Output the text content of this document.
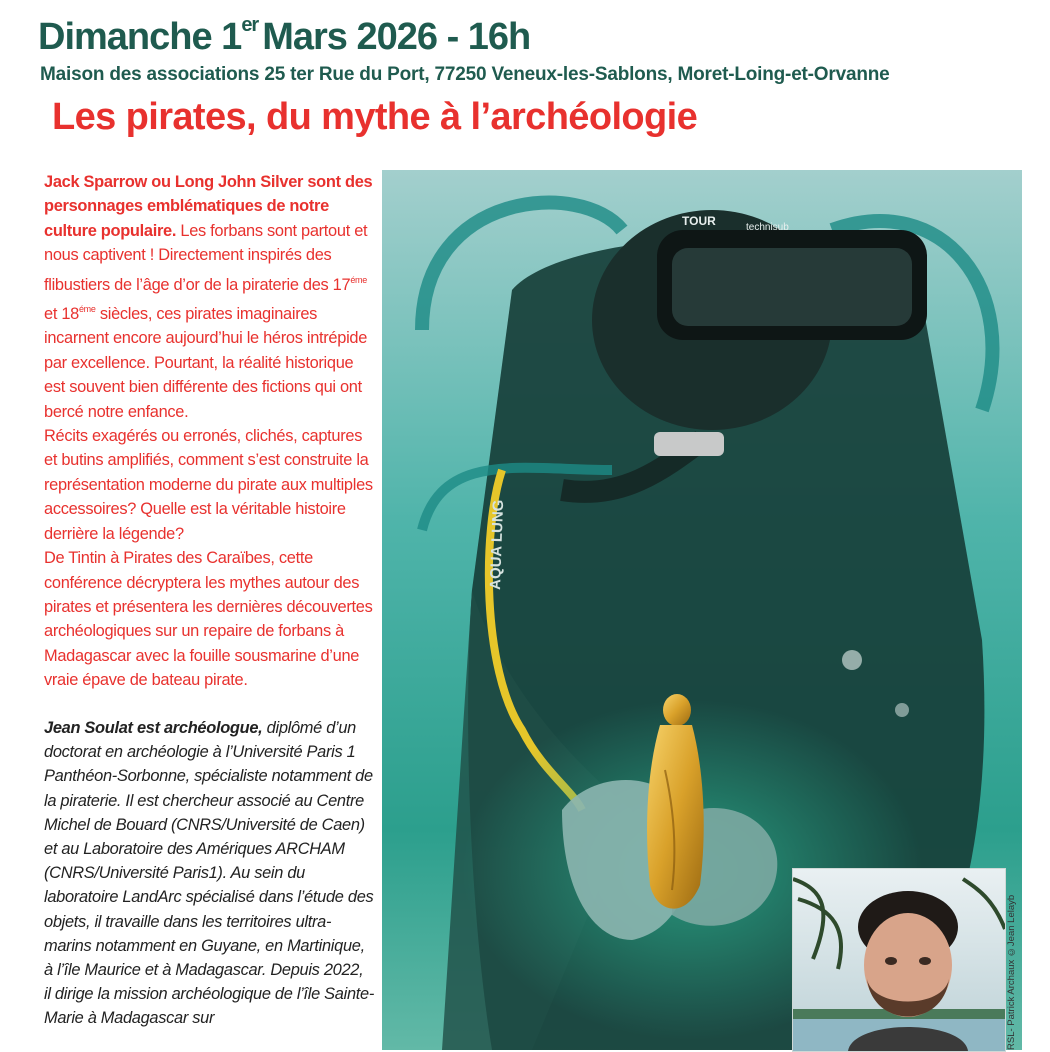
Dimanche 1er Mars 2026 - 16h
Maison des associations 25 ter Rue du Port, 77250 Veneux-les-Sablons, Moret-Loing-et-Orvanne
Les pirates, du mythe à l’archéologie

Jack Sparrow ou Long John Silver sont des personnages emblématiques de notre culture populaire. Les forbans sont partout et nous captivent ! Directement inspirés des flibustiers de l’âge d’or de la piraterie des $17^{éme}$ et $18^{éme}$ siècles, ces pirates imaginaires incarnent encore aujourd’hui le héros intrépide par excellence. Pourtant, la réalité historique est souvent bien différente des fictions qui ont bercé notre enfance.

Récits exagérés ou erronés, clichés, captures et butins amplifiés, comment s’est construite la représentation moderne du pirate aux multiples accessoires? Quelle est la véritable histoire derrière la légende?

De Tintin à Pirates des Caraïbes, cette conférence décryptera les mythes autour des pirates et présentera les dernières découvertes archéologiques sur un repaire de forbans à Madagascar avec la fouille sousmarine d’une vraie épave de bateau pirate.

Jean Soulat est archéologue, diplômé d’un doctorat en archéologie à l’Université Paris 1 Panthéon-Sorbonne, spécialiste notamment de la piraterie. Il est chercheur associé au Centre Michel de Bouard (CNRS/Université de Caen) et au Laboratoire des Amériques ARCHAM (CNRS/Université Paris1). Au sein du laboratoire LandArc spécialisé dans l’étude des objets, il travaille dans les territoires ultra-marins notamment en Guyane, en Martinique, à l’île Maurice et à Madagascar. Depuis 2022, il dirige la mission archéologique de l’île Sainte-Marie à Madagascar sur

TOUR	technisub
AQUA LUNG
RSL- Patrick Archaux ©Jean Lelayb
